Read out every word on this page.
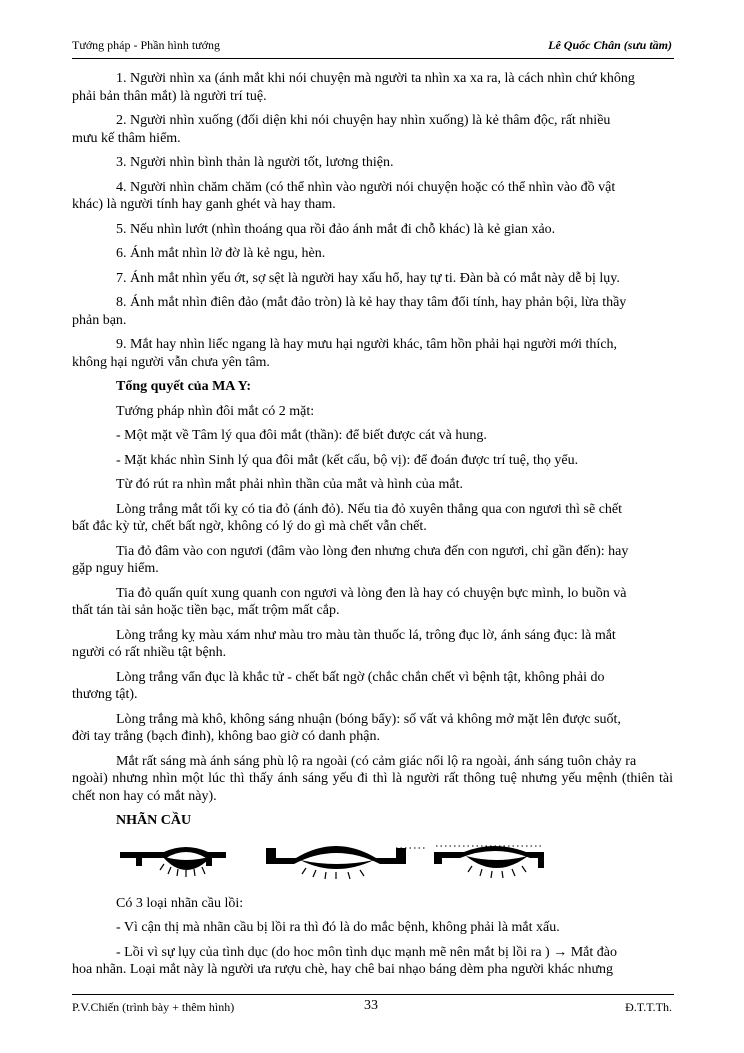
Tướng pháp - Phần hình tướng	Lê Quốc Chân (sưu tầm)
1. Người nhìn xa (ánh mắt khi nói chuyện mà người ta nhìn xa xa ra, là cách nhìn chứ không
phải bản thân mắt) là người trí tuệ.
2. Người nhìn xuống (đối diện khi nói chuyện hay nhìn xuống) là kẻ thâm độc, rất nhiều
mưu kế thâm hiểm.
3. Người nhìn bình thản là người tốt, lương thiện.
4. Người nhìn chăm chăm (có thể nhìn vào người nói chuyện hoặc có thể nhìn vào đồ vật
khác) là người tính hay ganh ghét và hay tham.
5. Nếu nhìn lướt (nhìn thoáng qua rồi đảo ánh mắt đi chỗ khác) là kẻ gian xảo.
6. Ánh mắt nhìn lờ đờ là kẻ ngu, hèn.
7. Ánh mắt nhìn yếu ớt, sợ sệt là người hay xấu hổ, hay tự ti. Đàn bà có mắt này dễ bị lụy.
8. Ánh mắt nhìn điên đảo (mắt đảo tròn) là kẻ hay thay tâm đổi tính, hay phản bội, lừa thầy
phản bạn.
9. Mắt hay nhìn liếc ngang là hay mưu hại người khác, tâm hồn phải hại người mới thích,
không hại người vẫn chưa yên tâm.
Tổng quyết của MA Y:
Tướng pháp nhìn đôi mắt có 2 mặt:
- Một mặt về Tâm lý qua đôi mắt (thần): để biết được cát và hung.
- Mặt khác nhìn Sinh lý qua đôi mắt (kết cấu, bộ vị): để đoán được trí tuệ, thọ yểu.
Từ đó rút ra nhìn mắt phải nhìn thần của mắt và hình của mắt.
Lòng trắng mắt tối kỵ có tia đỏ (ánh đỏ). Nếu tia đỏ xuyên thẳng qua con ngươi thì sẽ chết
bất đắc kỳ tử, chết bất ngờ, không có lý do gì mà chết vẫn chết.
Tia đỏ đâm vào con ngươi (đâm vào lòng đen nhưng chưa đến con ngươi, chỉ gần đến): hay
gặp nguy hiểm.
Tia đỏ quấn quít xung quanh con ngươi và lòng đen là hay có chuyện bực mình, lo buồn và
thất tán tài sản hoặc tiền bạc, mất trộm mất cắp.
Lòng trắng kỵ màu xám như màu tro màu tàn thuốc lá, trông đục lờ, ánh sáng đục: là mắt
người có rất nhiều tật bệnh.
Lòng trắng vẩn đục là khắc tử - chết bất ngờ (chắc chắn chết vì bệnh tật, không phải do
thương tật).
Lòng trắng mà khô, không sáng nhuận (bóng bẩy): số vất vả không mở mặt lên được suốt,
đời tay trắng (bạch đinh), không bao giờ có danh phận.
Mắt rất sáng mà ánh sáng phù lộ ra ngoài (có cảm giác nổi lộ ra ngoài, ánh sáng tuôn chảy ra
ngoài) nhưng nhìn một lúc thì thấy ánh sáng yếu đi thì là người rất thông tuệ nhưng yếu mệnh (thiên tài chết non hay có mắt này).
NHÃN CẦU
Có 3 loại nhãn cầu lồi:
- Vì cận thị mà nhãn cầu bị lồi ra thì đó là do mắc bệnh, không phải là mắt xấu.
- Lồi vì sự lụy của tình dục (do hoc môn tình dục mạnh mẽ nên mắt bị lồi ra ) → Mắt đào
hoa nhãn. Loại mắt này là người ưa rượu chè, hay chê bai nhạo báng dèm pha người khác nhưng
P.V.Chiến (trình bày + thêm hình)	33	Đ.T.T.Th.
